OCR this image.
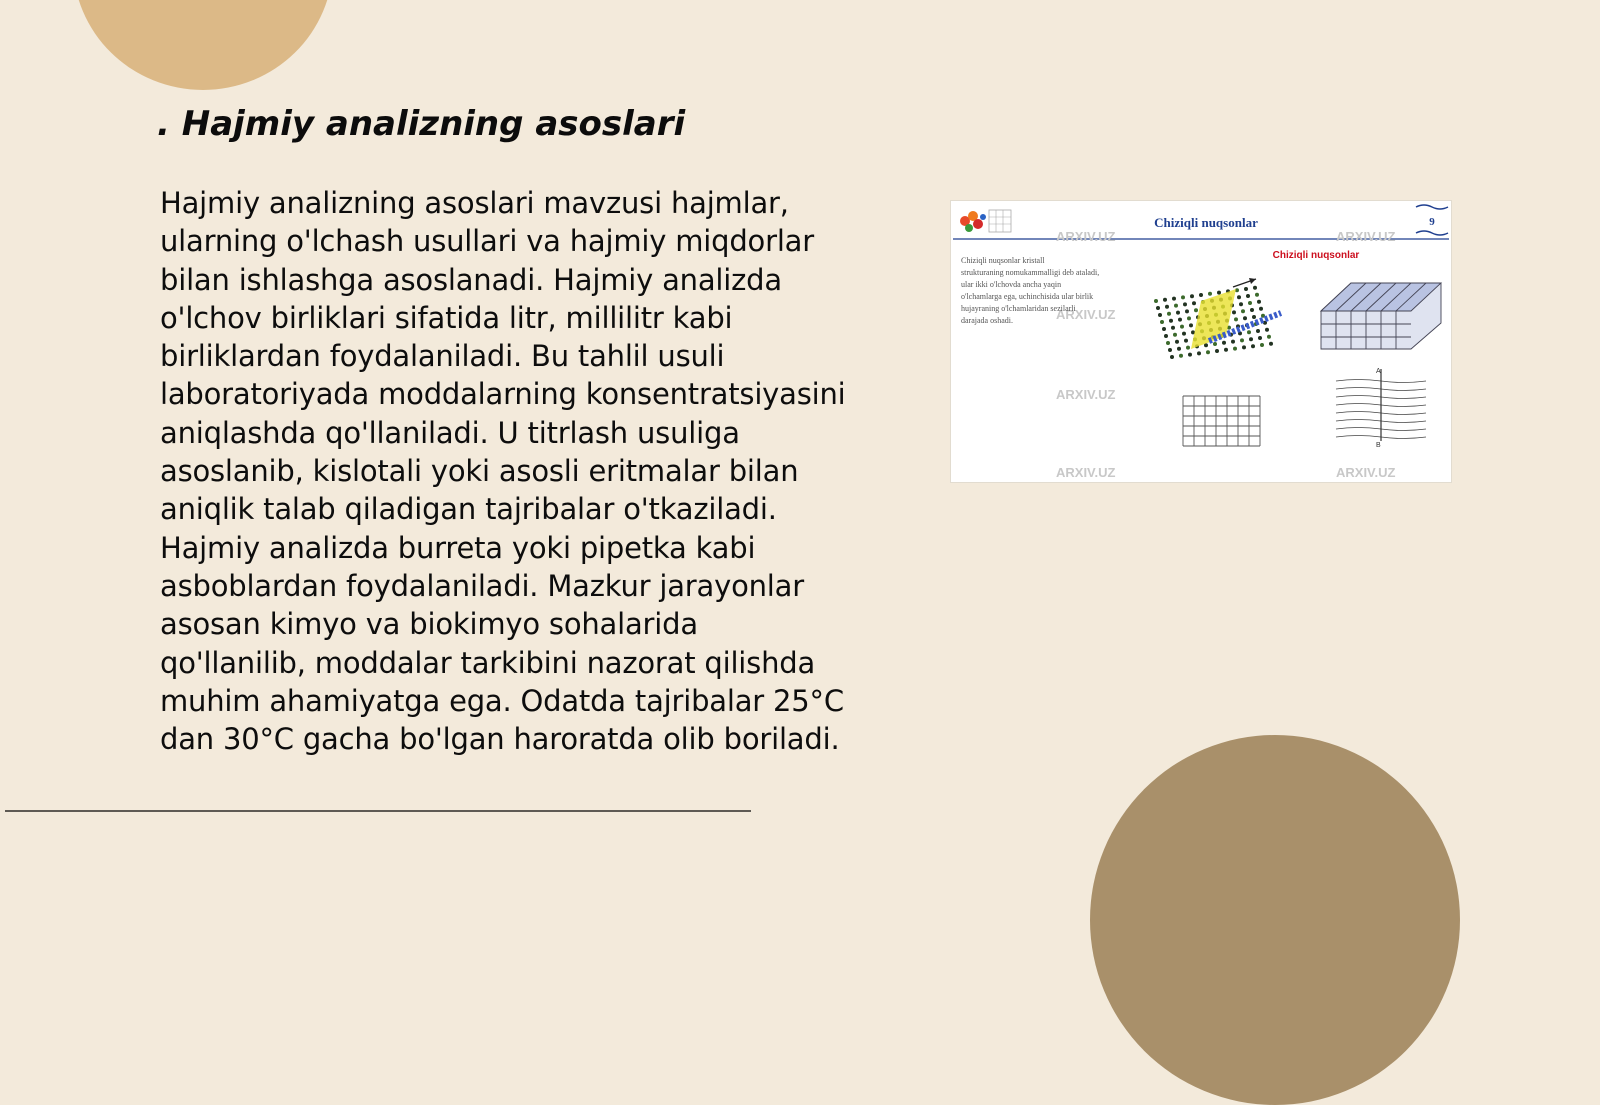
. Hajmiy analizning asoslari

Hajmiy analizning asoslari mavzusi hajmlar, ularning o'lchash usullari va hajmiy miqdorlar bilan ishlashga asoslanadi. Hajmiy analizda o'lchov birliklari sifatida litr, millilitr kabi birliklardan foydalaniladi. Bu tahlil usuli laboratoriyada moddalarning konsentratsiyasini aniqlashda qo'llaniladi. U titrlash usuliga asoslanib, kislotali yoki asosli eritmalar bilan aniqlik talab qiladigan tajribalar o'tkaziladi. Hajmiy analizda burreta yoki pipetka kabi asboblardan foydalaniladi. Mazkur jarayonlar asosan kimyo va biokimyo sohalarida qo'llanilib, moddalar tarkibini nazorat qilishda muhim ahamiyatga ega. Odatda tajribalar 25°C dan 30°C gacha bo'lgan haroratda olib boriladi.

Chiziqli nuqsonlar	9
ARXIV.UZ	ARXIV.UZ
ARXIV.UZ
ARXIV.UZ
ARXIV.UZ	ARXIV.UZ
Chiziqli nuqsonlar
Chiziqli nuqsonlar kristall
strukturaning nomukammalligi deb ataladi,
ular ikki o'lchovda ancha yaqin
o'lchamlarga ega, uchinchisida ular birlik
hujayraning o'lchamlaridan sezilarli
darajada oshadi.
A
B
